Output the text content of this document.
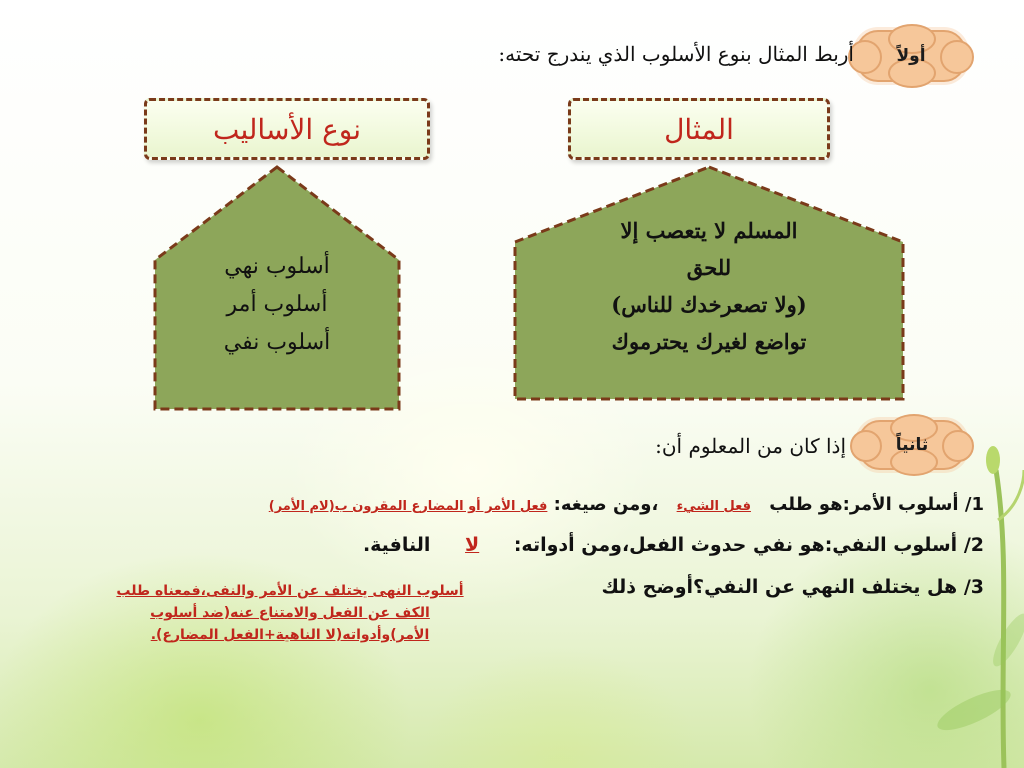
أولاً
أربط المثال بنوع الأسلوب الذي يندرج تحته:
المثال
نوع الأساليب
أسلوب نهي
أسلوب أمر
أسلوب نفي
المسلم لا يتعصب إلا
للحق
(ولا تصعرخدك للناس)
تواضع لغيرك يحترموك
ثانياً
إذا كان من المعلوم أن:
1/ أسلوب الأمر:هو طلب فعل الشيء ،ومن صيغه: فعل الأمر أو المضارع المقرون ب(لام الأمر)
2/ أسلوب النفي:هو نفي حدوث الفعل،ومن أدواته: لا النافية.
3/ هل يختلف النهي عن النفي؟أوضح ذلك
أسلوب النهى يختلف عن الأمر والنفى،فمعناه طلب
الكف عن الفعل والامتناع عنه(ضد أسلوب
الأمر)وأدواته(لا الناهية+الفعل المضارع).
